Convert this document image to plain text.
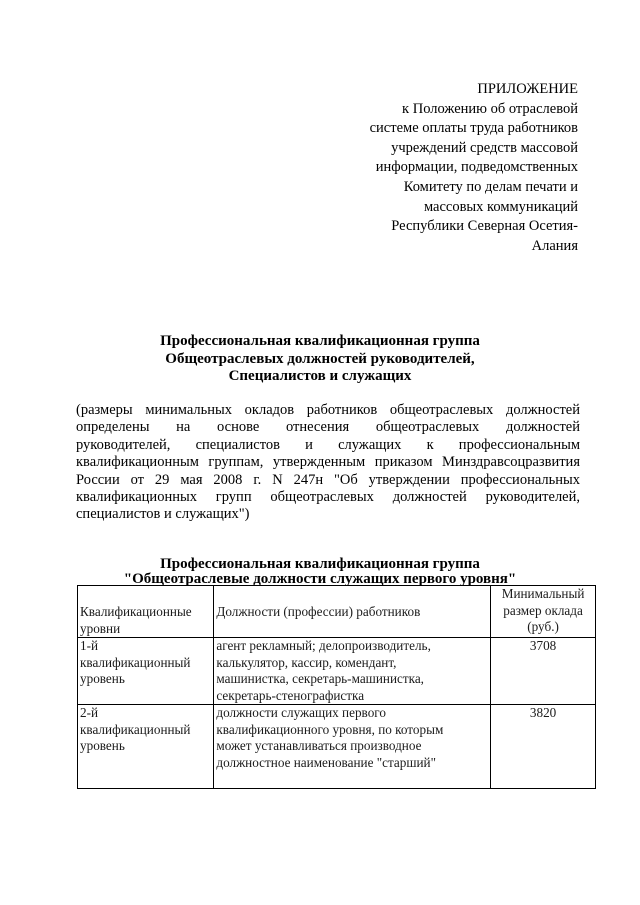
ПРИЛОЖЕНИЕ
к Положению об отраслевой
системе оплаты труда работников
учреждений средств массовой
информации, подведомственных
Комитету по делам печати и
массовых коммуникаций
Республики Северная Осетия-
Алания
Профессиональная квалификационная группа
Общеотраслевых должностей руководителей,
Специалистов и служащих
(размеры минимальных окладов работников общеотраслевых должностей
определены на основе отнесения общеотраслевых должностей
руководителей, специалистов и служащих к профессиональным
квалификационным группам, утвержденным приказом Минздравсоцразвития
России от 29 мая 2008 г. N 247н "Об утверждении профессиональных
квалификационных групп общеотраслевых должностей руководителей,
специалистов и служащих")
Профессиональная квалификационная группа
"Общеотраслевые должности служащих первого уровня"
Квалификационные
уровни	Должности (профессии) работников	Минимальный
размер оклада
(руб.)

1-й
квалификационный
уровень	агент рекламный; делопроизводитель,
калькулятор, кассир, комендант,
машинистка, секретарь-машинистка,
секретарь-стенографистка	3708

2-й
квалификационный
уровень	должности служащих первого
квалификационного уровня, по которым
может устанавливаться производное
должностное наименование "старший"	3820
